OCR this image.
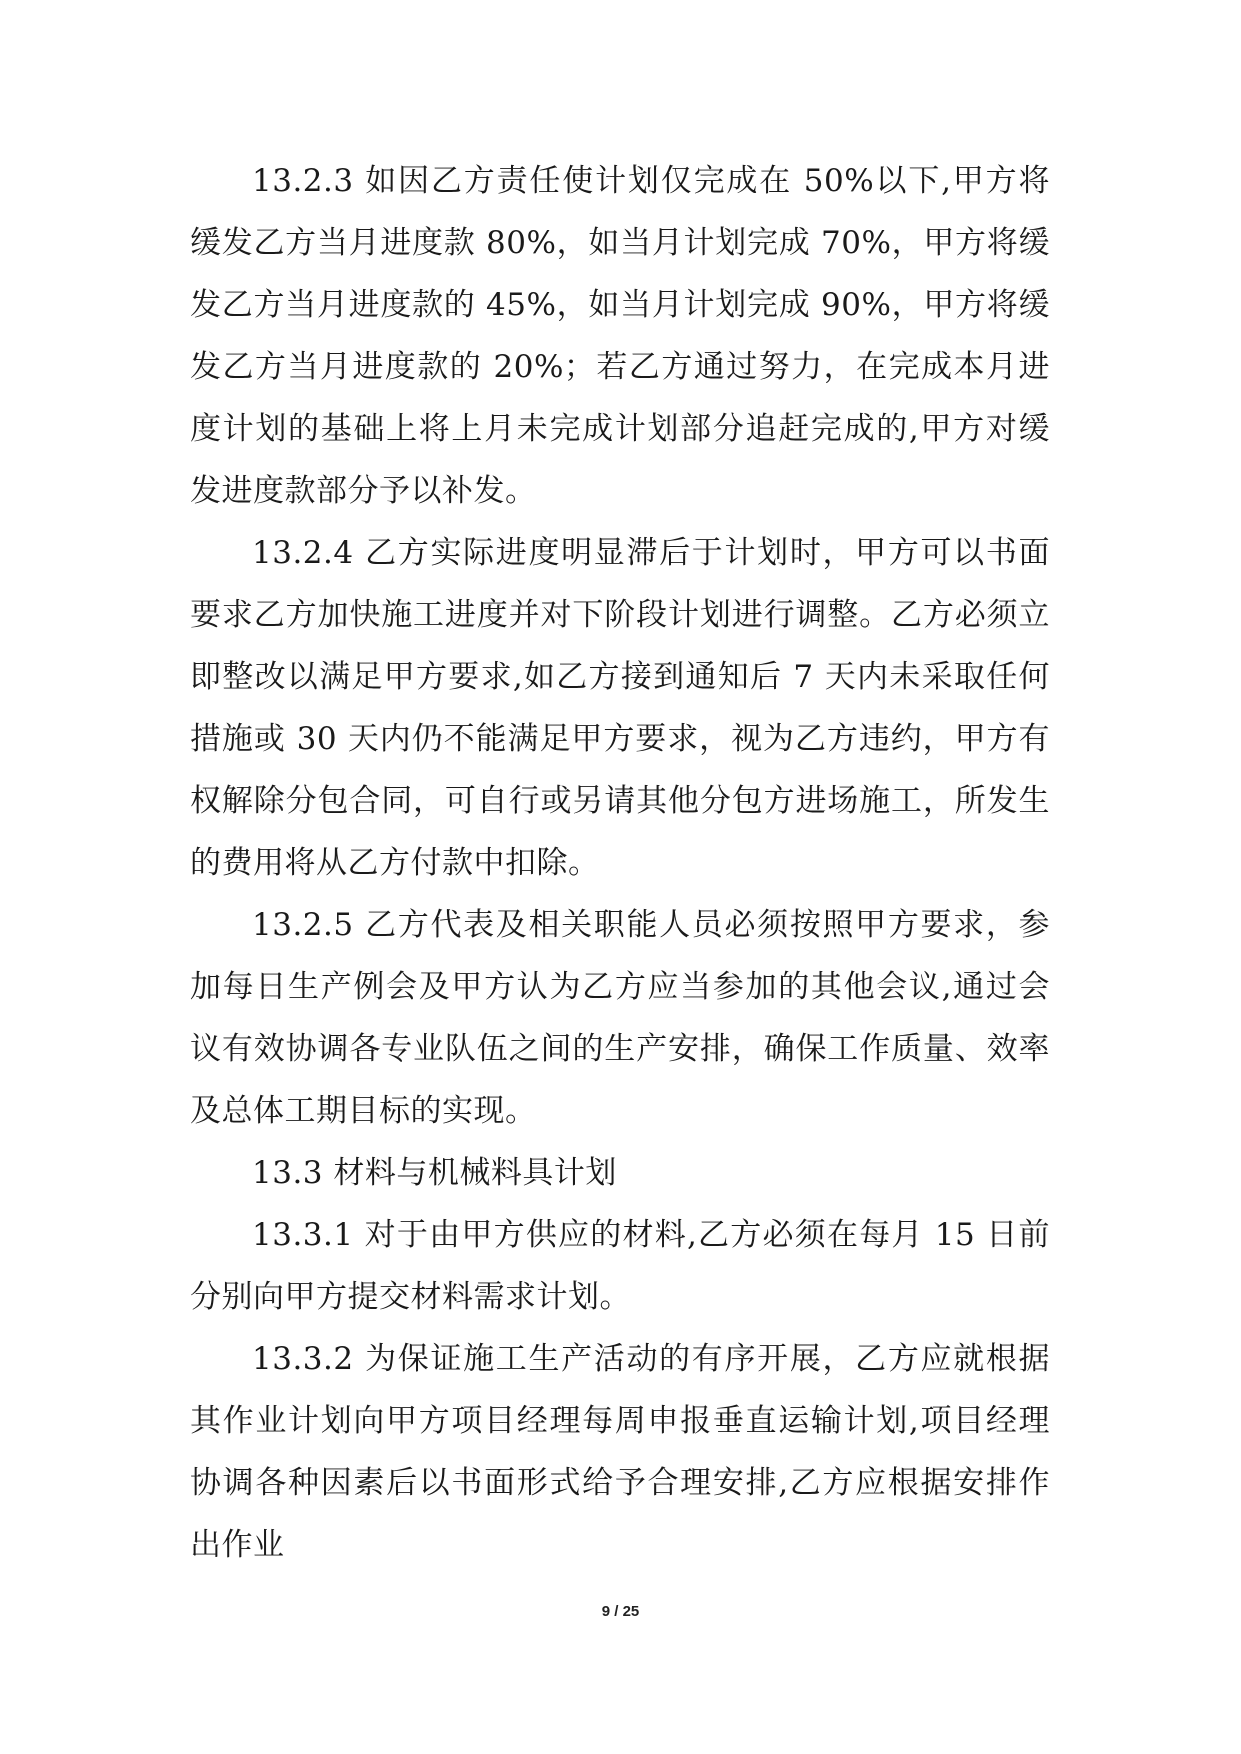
13.2.3 如因乙方责任使计划仅完成在 50%以下,甲方将缓发乙方当月进度款 80%，如当月计划完成 70%，甲方将缓发乙方当月进度款的 45%，如当月计划完成 90%，甲方将缓发乙方当月进度款的 20%；若乙方通过努力，在完成本月进度计划的基础上将上月未完成计划部分追赶完成的,甲方对缓发进度款部分予以补发。

13.2.4 乙方实际进度明显滞后于计划时，甲方可以书面要求乙方加快施工进度并对下阶段计划进行调整。乙方必须立即整改以满足甲方要求,如乙方接到通知后 7 天内未采取任何措施或 30 天内仍不能满足甲方要求，视为乙方违约，甲方有权解除分包合同，可自行或另请其他分包方进场施工，所发生的费用将从乙方付款中扣除。

13.2.5 乙方代表及相关职能人员必须按照甲方要求，参加每日生产例会及甲方认为乙方应当参加的其他会议,通过会议有效协调各专业队伍之间的生产安排，确保工作质量、效率及总体工期目标的实现。

13.3 材料与机械料具计划

13.3.1 对于由甲方供应的材料,乙方必须在每月 15 日前分别向甲方提交材料需求计划。

13.3.2 为保证施工生产活动的有序开展，乙方应就根据其作业计划向甲方项目经理每周申报垂直运输计划,项目经理协调各种因素后以书面形式给予合理安排,乙方应根据安排作出作业

9 / 25
